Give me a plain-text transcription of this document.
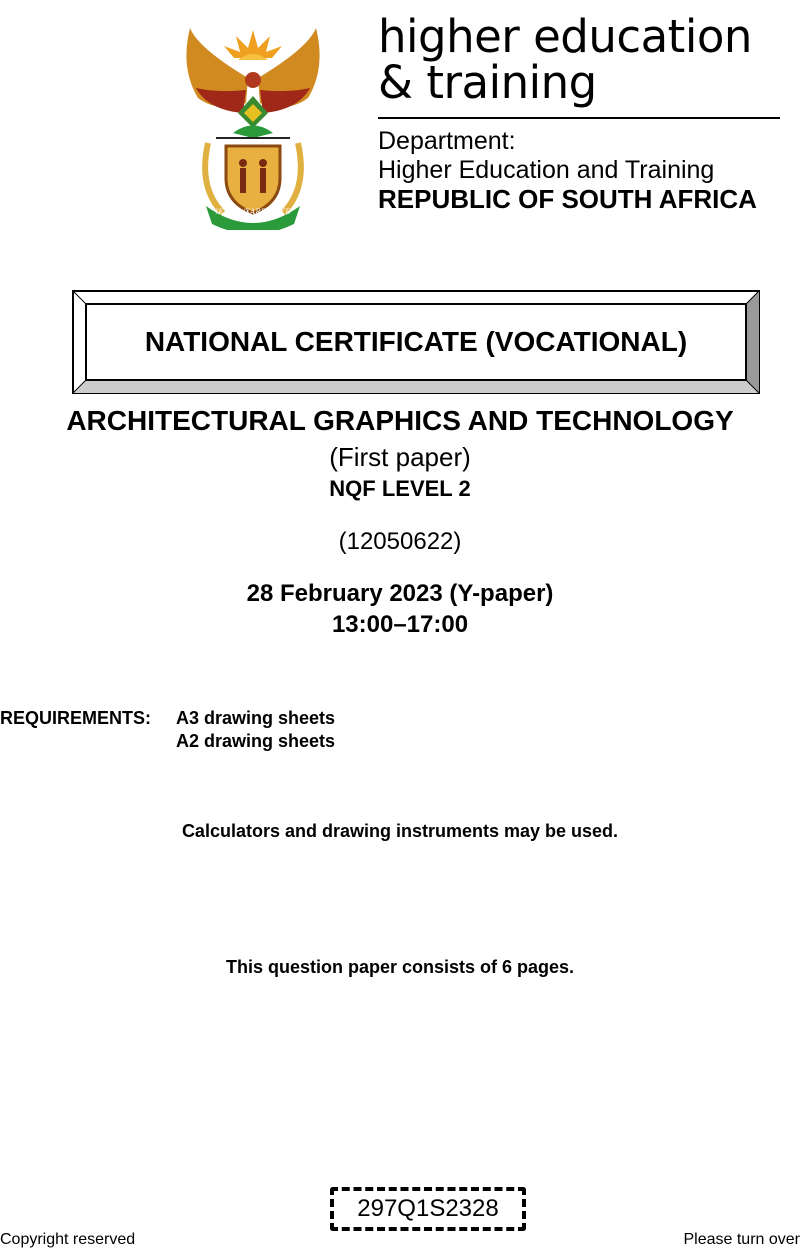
!KE E: /XARRA //KE
higher education
& training
Department:
Higher Education and Training
REPUBLIC OF SOUTH AFRICA
NATIONAL CERTIFICATE (VOCATIONAL)
ARCHITECTURAL GRAPHICS AND TECHNOLOGY
(First paper)
NQF LEVEL 2
(12050622)
28 February 2023 (Y-paper)
13:00–17:00
REQUIREMENTS: A3 drawing sheets
A2 drawing sheets
Calculators and drawing instruments may be used.
This question paper consists of 6 pages.
297Q1S2328
Copyright reserved	Please turn over
